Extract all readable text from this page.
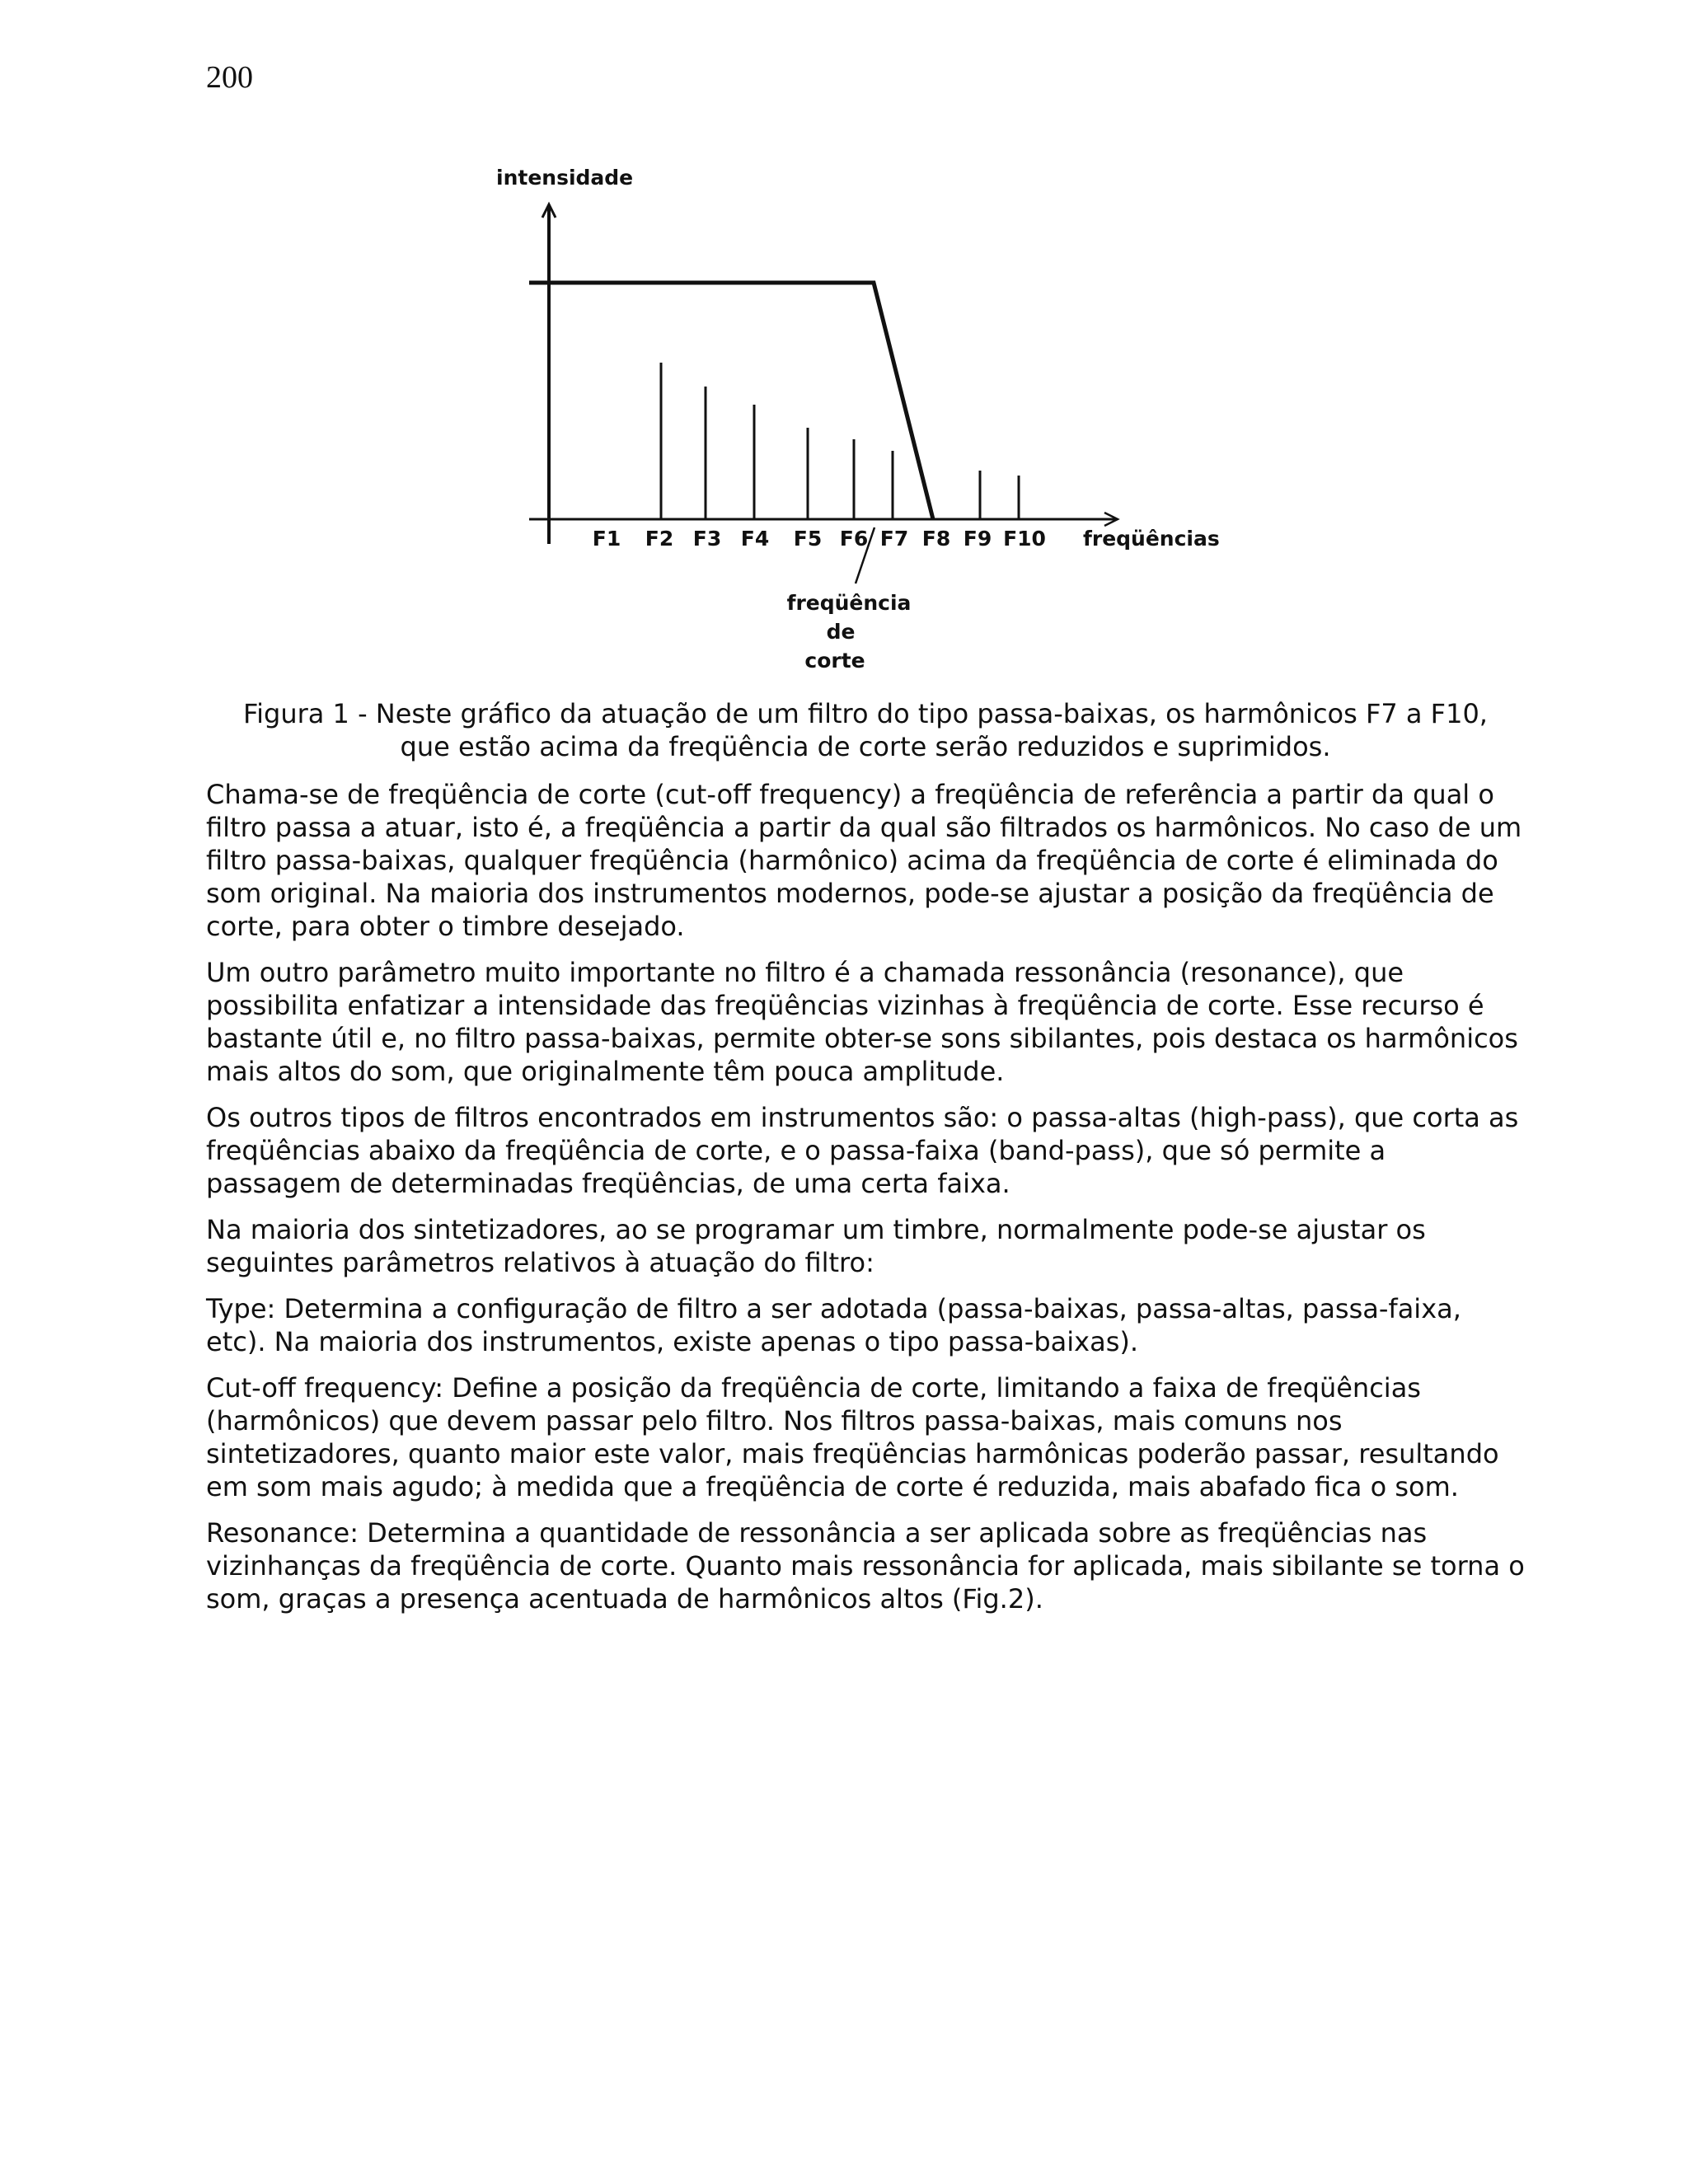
200
intensidade
F1 F2 F3 F4 F5 F6 F7 F8 F9 F10 freqüências
freqüência
de
corte
Figura 1 - Neste gráfico da atuação de um filtro do tipo passa-baixas, os harmônicos F7 a F10,
que estão acima da freqüência de corte serão reduzidos e suprimidos.

Chama-se de freqüência de corte (cut-off frequency) a freqüência de referência a partir da qual o filtro passa a atuar, isto é, a freqüência a partir da qual são filtrados os harmônicos. No caso de um filtro passa-baixas, qualquer freqüência (harmônico) acima da freqüência de corte é eliminada do som original. Na maioria dos instrumentos modernos, pode-se ajustar a posição da freqüência de corte, para obter o timbre desejado.

Um outro parâmetro muito importante no filtro é a chamada ressonância (resonance), que possibilita enfatizar a intensidade das freqüências vizinhas à freqüência de corte. Esse recurso é bastante útil e, no filtro passa-baixas, permite obter-se sons sibilantes, pois destaca os harmônicos mais altos do som, que originalmente têm pouca amplitude.

Os outros tipos de filtros encontrados em instrumentos são: o passa-altas (high-pass), que corta as freqüências abaixo da freqüência de corte, e o passa-faixa (band-pass), que só permite a passagem de determinadas freqüências, de uma certa faixa.

Na maioria dos sintetizadores, ao se programar um timbre, normalmente pode-se ajustar os seguintes parâmetros relativos à atuação do filtro:

Type: Determina a configuração de filtro a ser adotada (passa-baixas, passa-altas, passa-faixa, etc). Na maioria dos instrumentos, existe apenas o tipo passa-baixas).

Cut-off frequency: Define a posição da freqüência de corte, limitando a faixa de freqüências (harmônicos) que devem passar pelo filtro. Nos filtros passa-baixas, mais comuns nos sintetizadores, quanto maior este valor, mais freqüências harmônicas poderão passar, resultando em som mais agudo; à medida que a freqüência de corte é reduzida, mais abafado fica o som.

Resonance: Determina a quantidade de ressonância a ser aplicada sobre as freqüências nas vizinhanças da freqüência de corte. Quanto mais ressonância for aplicada, mais sibilante se torna o som, graças a presença acentuada de harmônicos altos (Fig.2).
